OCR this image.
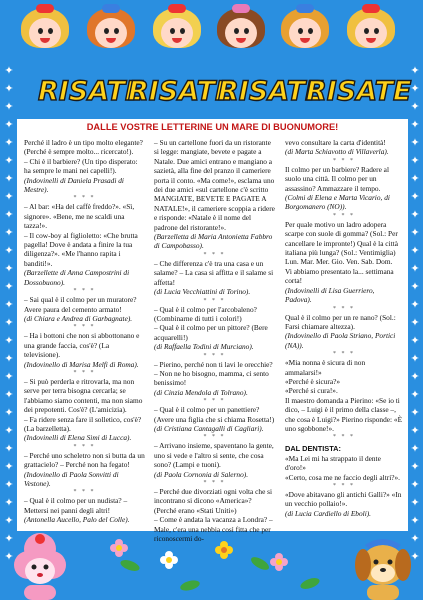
RISATE
RISATE
RISATE
RISATE
✦
✦
✦
✦
✦
✦
✦
✦
✦
✦
✦
✦
✦
✦
✦
✦
✦
✦
✦
✦
✦
✦
✦
✦
✦
✦
✦
✦
✦
✦
✦
✦
✦
✦
✦
✦
✦
✦
✦
✦
✦
✦
✦
✦
✦
✦
✦
✦
✦
✦
✦
✦
✦
✦
✦
✦
DALLE VOSTRE LETTERINE UN MARE DI BUONUMORE!

Perché il ladro è un tipo molto elegante? (Perché è sempre molto... ricercato!).

– Chi è il barbiere? (Un tipo disperato: ha sempre le mani nei capelli!).

(Indovinelli di Daniela Prasadi di Mestre).

* * *

– Al bar: «Ha del caffè freddo?». «Sì, signore». «Bene, me ne scaldi una tazza!».

– Il cow-boy al figlioletto: «Che brutta pagella! Dove è andata a finire la tua diligenza?». «Me l'hanno rapita i banditi!».

(Barzellette di Anna Campostrini di Dossobuono).

* * *

– Sai qual è il colmo per un muratore? Avere paura del cemento armato!

(di Chiara e Andrea di Garbagnate).

* * *

– Ha i bottoni che non si abbottonano e una grande faccia, cos'è? (La televisione).

(Indovinello di Marisa Melfi di Roma).

* * *

– Si può perderla e ritrovarla, ma non serve per terra bisogna cercarla; se l'abbiamo siamo contenti, ma non siamo dei prepotenti. Cos'è? (L'amicizia).

– Fa ridere senza fare il solletico, cos'è? (La barzelletta).

(Indovinelli di Elena Simi di Lucca).

* * *

– Perché uno scheletro non si butta da un grattacielo? – Perché non ha fegato!

(Indovinello di Paola Sonvitti di Vestone).

* * *

– Qual è il colmo per un nudista? – Mettersi nei panni degli altri!

(Antonella Aucello, Palo del Colle).

– Su un cartellone fuori da un ristorante si legge: mangiate, bevete e pagate a Natale. Due amici entrano e mangiano a sazietà, alla fine del pranzo il cameriere porta il conto. «Ma come!», esclama uno dei due amici «sul cartellone c'è scritto MANGIATE, BEVETE E PAGATE A NATALE!», il cameriere scoppia a ridere e risponde: «Natale è il nome del padrone del ristorante!».

(Barzelletta di Maria Antonietta Fabbro di Campobasso).

* * *

– Che differenza c'è tra una casa e un salame? – La casa si affitta e il salame si affetta!

(di Lucia Vecchiattini di Torino).

* * *

– Qual è il colmo per l'arcobaleno? (Combinarne di tutti i colori!)

– Qual è il colmo per un pittore? (Bere acquarelli!)

(di Raffaella Todini di Murciano).

* * *

– Pierino, perché non ti lavi le orecchie? – Non ne ho bisogno, mamma, ci sento benissimo!

(di Cinzia Mendola di Tolrano).

* * *

– Qual è il colmo per un panettiere? (Avere una figlia che si chiama Rosetta!)

(di Cristiana Cantagalli di Cagliari).

* * *

– Arrivano insieme, spaventano la gente, uno si vede e l'altro si sente, che cosa sono? (Lampi e tuoni).

(di Paola Cornonia di Salerno).

* * *

– Perché due divorziati ogni volta che si incontrano si dicono «America»? (Perché erano «Stati Uniti»)

– Come è andata la vacanza a Londra? – Male, c'era una nebbia così fitta che per riconoscermi do-

vevo consultare la carta d'identità!

(di Marta Schiavotto di Villaverla).

* * *

Il colmo per un barbiere? Radere al suolo una città. Il colmo per un assassino? Ammazzare il tempo.

(Colmi di Elena e Marta Vicario, di Borgomanero (NO)).

* * *

Per quale motivo un ladro adopera scarpe con suole di gomma? (Sol.: Per cancellare le impronte!) Qual è la città italiana più lunga? (Sol.: Ventimiglia)

Lun. Mar. Mer. Gio. Ven. Sab. Dom.

Vi abbiamo presentato la... settimana corta!

(Indovinelli di Lisa Guerriero, Padova).

* * *

Qual è il colmo per un re nano? (Sol.: Farsi chiamare altezza).

(Indovinello di Paola Striano, Portici (NA)).

* * *

«Mia nonna è sicura di non ammalarsi!»

«Perché è sicura?»

«Perché si cura!».

Il maestro domanda a Pierino: «Se io ti dico, – Luigi è il primo della classe –, che cosa è Luigi?» Pierino risponde: «È uno sgobbone!».

* * *

DAL DENTISTA:

«Ma Lei mi ha strappato il dente d'oro!»

«Certo, cosa me ne faccio degli altri?».

* * *

«Dove abitavano gli antichi Galli?» «In un vecchio pollaio!».

(di Lucia Cardiello di Eboli).
